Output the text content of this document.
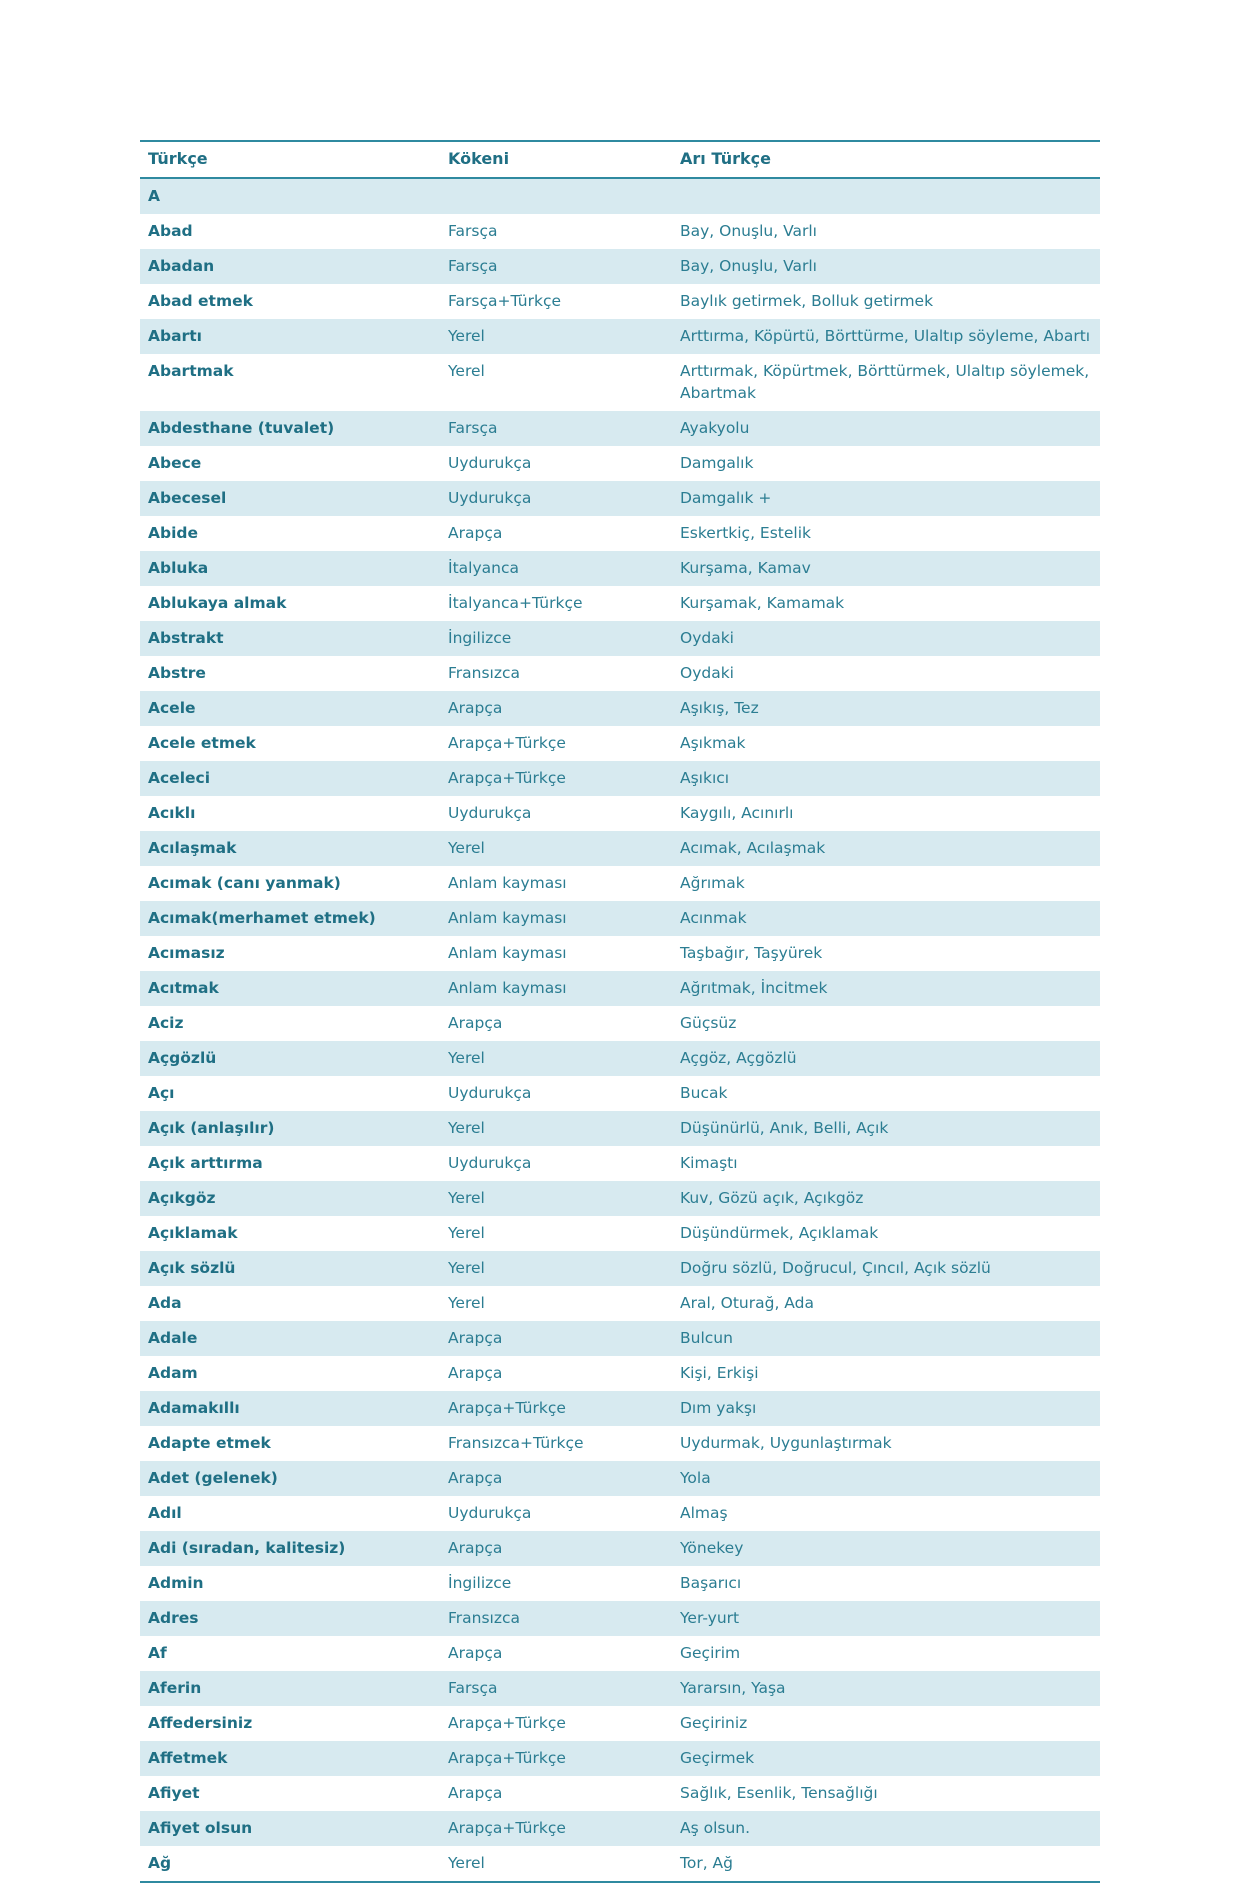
Türkçe	Kökeni	Arı Türkçe
A		
Abad	Farsça	Bay, Onuşlu, Varlı
Abadan	Farsça	Bay, Onuşlu, Varlı
Abad etmek	Farsça+Türkçe	Baylık getirmek, Bolluk getirmek
Abartı	Yerel	Arttırma, Köpürtü, Börttürme, Ulaltıp söyleme, Abartı
Abartmak	Yerel	Arttırmak, Köpürtmek, Börttürmek, Ulaltıp söylemek, Abartmak
Abdesthane (tuvalet)	Farsça	Ayakyolu
Abece	Uydurukça	Damgalık
Abecesel	Uydurukça	Damgalık +
Abide	Arapça	Eskertkiç, Estelik
Abluka	İtalyanca	Kurşama, Kamav
Ablukaya almak	İtalyanca+Türkçe	Kurşamak, Kamamak
Abstrakt	İngilizce	Oydaki
Abstre	Fransızca	Oydaki
Acele	Arapça	Aşıkış, Tez
Acele etmek	Arapça+Türkçe	Aşıkmak
Aceleci	Arapça+Türkçe	Aşıkıcı
Acıklı	Uydurukça	Kaygılı, Acınırlı
Acılaşmak	Yerel	Acımak, Acılaşmak
Acımak (canı yanmak)	Anlam kayması	Ağrımak
Acımak(merhamet etmek)	Anlam kayması	Acınmak
Acımasız	Anlam kayması	Taşbağır, Taşyürek
Acıtmak	Anlam kayması	Ağrıtmak, İncitmek
Aciz	Arapça	Güçsüz
Açgözlü	Yerel	Açgöz, Açgözlü
Açı	Uydurukça	Bucak
Açık (anlaşılır)	Yerel	Düşünürlü, Anık, Belli, Açık
Açık arttırma	Uydurukça	Kimaştı
Açıkgöz	Yerel	Kuv, Gözü açık, Açıkgöz
Açıklamak	Yerel	Düşündürmek, Açıklamak
Açık sözlü	Yerel	Doğru sözlü, Doğrucul, Çıncıl, Açık sözlü
Ada	Yerel	Aral, Oturağ, Ada
Adale	Arapça	Bulcun
Adam	Arapça	Kişi, Erkişi
Adamakıllı	Arapça+Türkçe	Dım yakşı
Adapte etmek	Fransızca+Türkçe	Uydurmak, Uygunlaştırmak
Adet (gelenek)	Arapça	Yola
Adıl	Uydurukça	Almaş
Adi (sıradan, kalitesiz)	Arapça	Yönekey
Admin	İngilizce	Başarıcı
Adres	Fransızca	Yer-yurt
Af	Arapça	Geçirim
Aferin	Farsça	Yararsın, Yaşa
Affedersiniz	Arapça+Türkçe	Geçiriniz
Affetmek	Arapça+Türkçe	Geçirmek
Afiyet	Arapça	Sağlık, Esenlik, Tensağlığı
Afiyet olsun	Arapça+Türkçe	Aş olsun.
Ağ	Yerel	Tor, Ağ
